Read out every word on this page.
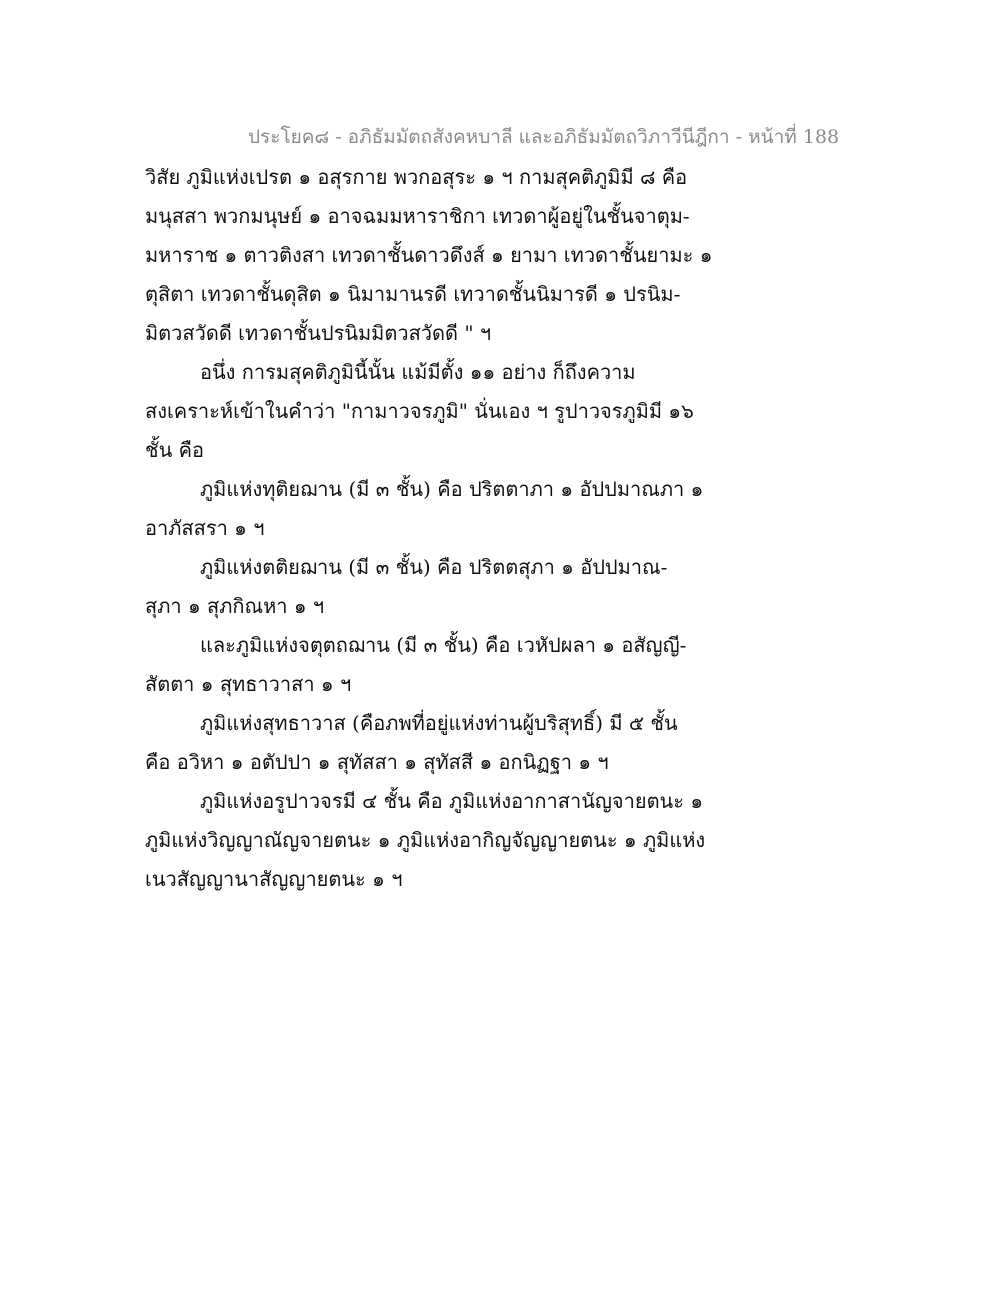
ประโยค๘ - อภิธัมมัตถสังคหบาลี และอภิธัมมัตถวิภาวีนีฎีกา - หน้าที่ 188
วิสัย ภูมิแห่งเปรต ๑ อสุรกาย พวกอสุระ ๑ ฯ กามสุคติภูมิมี ๘ คือ
มนุสสา พวกมนุษย์ ๑ อาจฉมมหาราชิกา เทวดาผู้อยู่ในชั้นจาตุม-
มหาราช ๑ ตาวติงสา เทวดาชั้นดาวดึงส์ ๑ ยามา เทวดาชั้นยามะ ๑
ตุสิตา เทวดาชั้นดุสิต ๑ นิมามานรดี เทวาดชั้นนิมารดี ๑ ปรนิม-
มิตวสวัดดี เทวดาชั้นปรนิมมิตวสวัดดี " ฯ
อนึ่ง การมสุคติภูมินี้นั้น แม้มีตั้ง ๑๑ อย่าง ก็ถึงความ
สงเคราะห์เข้าในคำว่า "กามาวจรภูมิ" นั่นเอง ฯ รูปาวจรภูมิมี ๑๖
ชั้น คือ
ภูมิแห่งทุติยฌาน (มี ๓ ชั้น) คือ ปริตตาภา ๑ อัปปมาณภา ๑
อาภัสสรา ๑ ฯ
ภูมิแห่งตติยฌาน (มี ๓ ชั้น) คือ ปริตตสุภา ๑ อัปปมาณ-
สุภา ๑ สุภกิณหา ๑ ฯ
และภูมิแห่งจตุตถฌาน (มี ๓ ชั้น) คือ เวหัปผลา ๑ อสัญญี-
สัตตา ๑ สุทธาวาสา ๑ ฯ
ภูมิแห่งสุทธาวาส (คือภพที่อยู่แห่งท่านผู้บริสุทธิ์) มี ๕ ชั้น
คือ อวิหา ๑ อตัปปา ๑ สุทัสสา ๑ สุทัสสี ๑ อกนิฏฐา ๑ ฯ
ภูมิแห่งอรูปาวจรมี ๔ ชั้น คือ ภูมิแห่งอากาสานัญจายตนะ ๑
ภูมิแห่งวิญญาณัญจายตนะ ๑ ภูมิแห่งอากิญจัญญายตนะ ๑ ภูมิแห่ง
เนวสัญญานาสัญญายตนะ ๑ ฯ
